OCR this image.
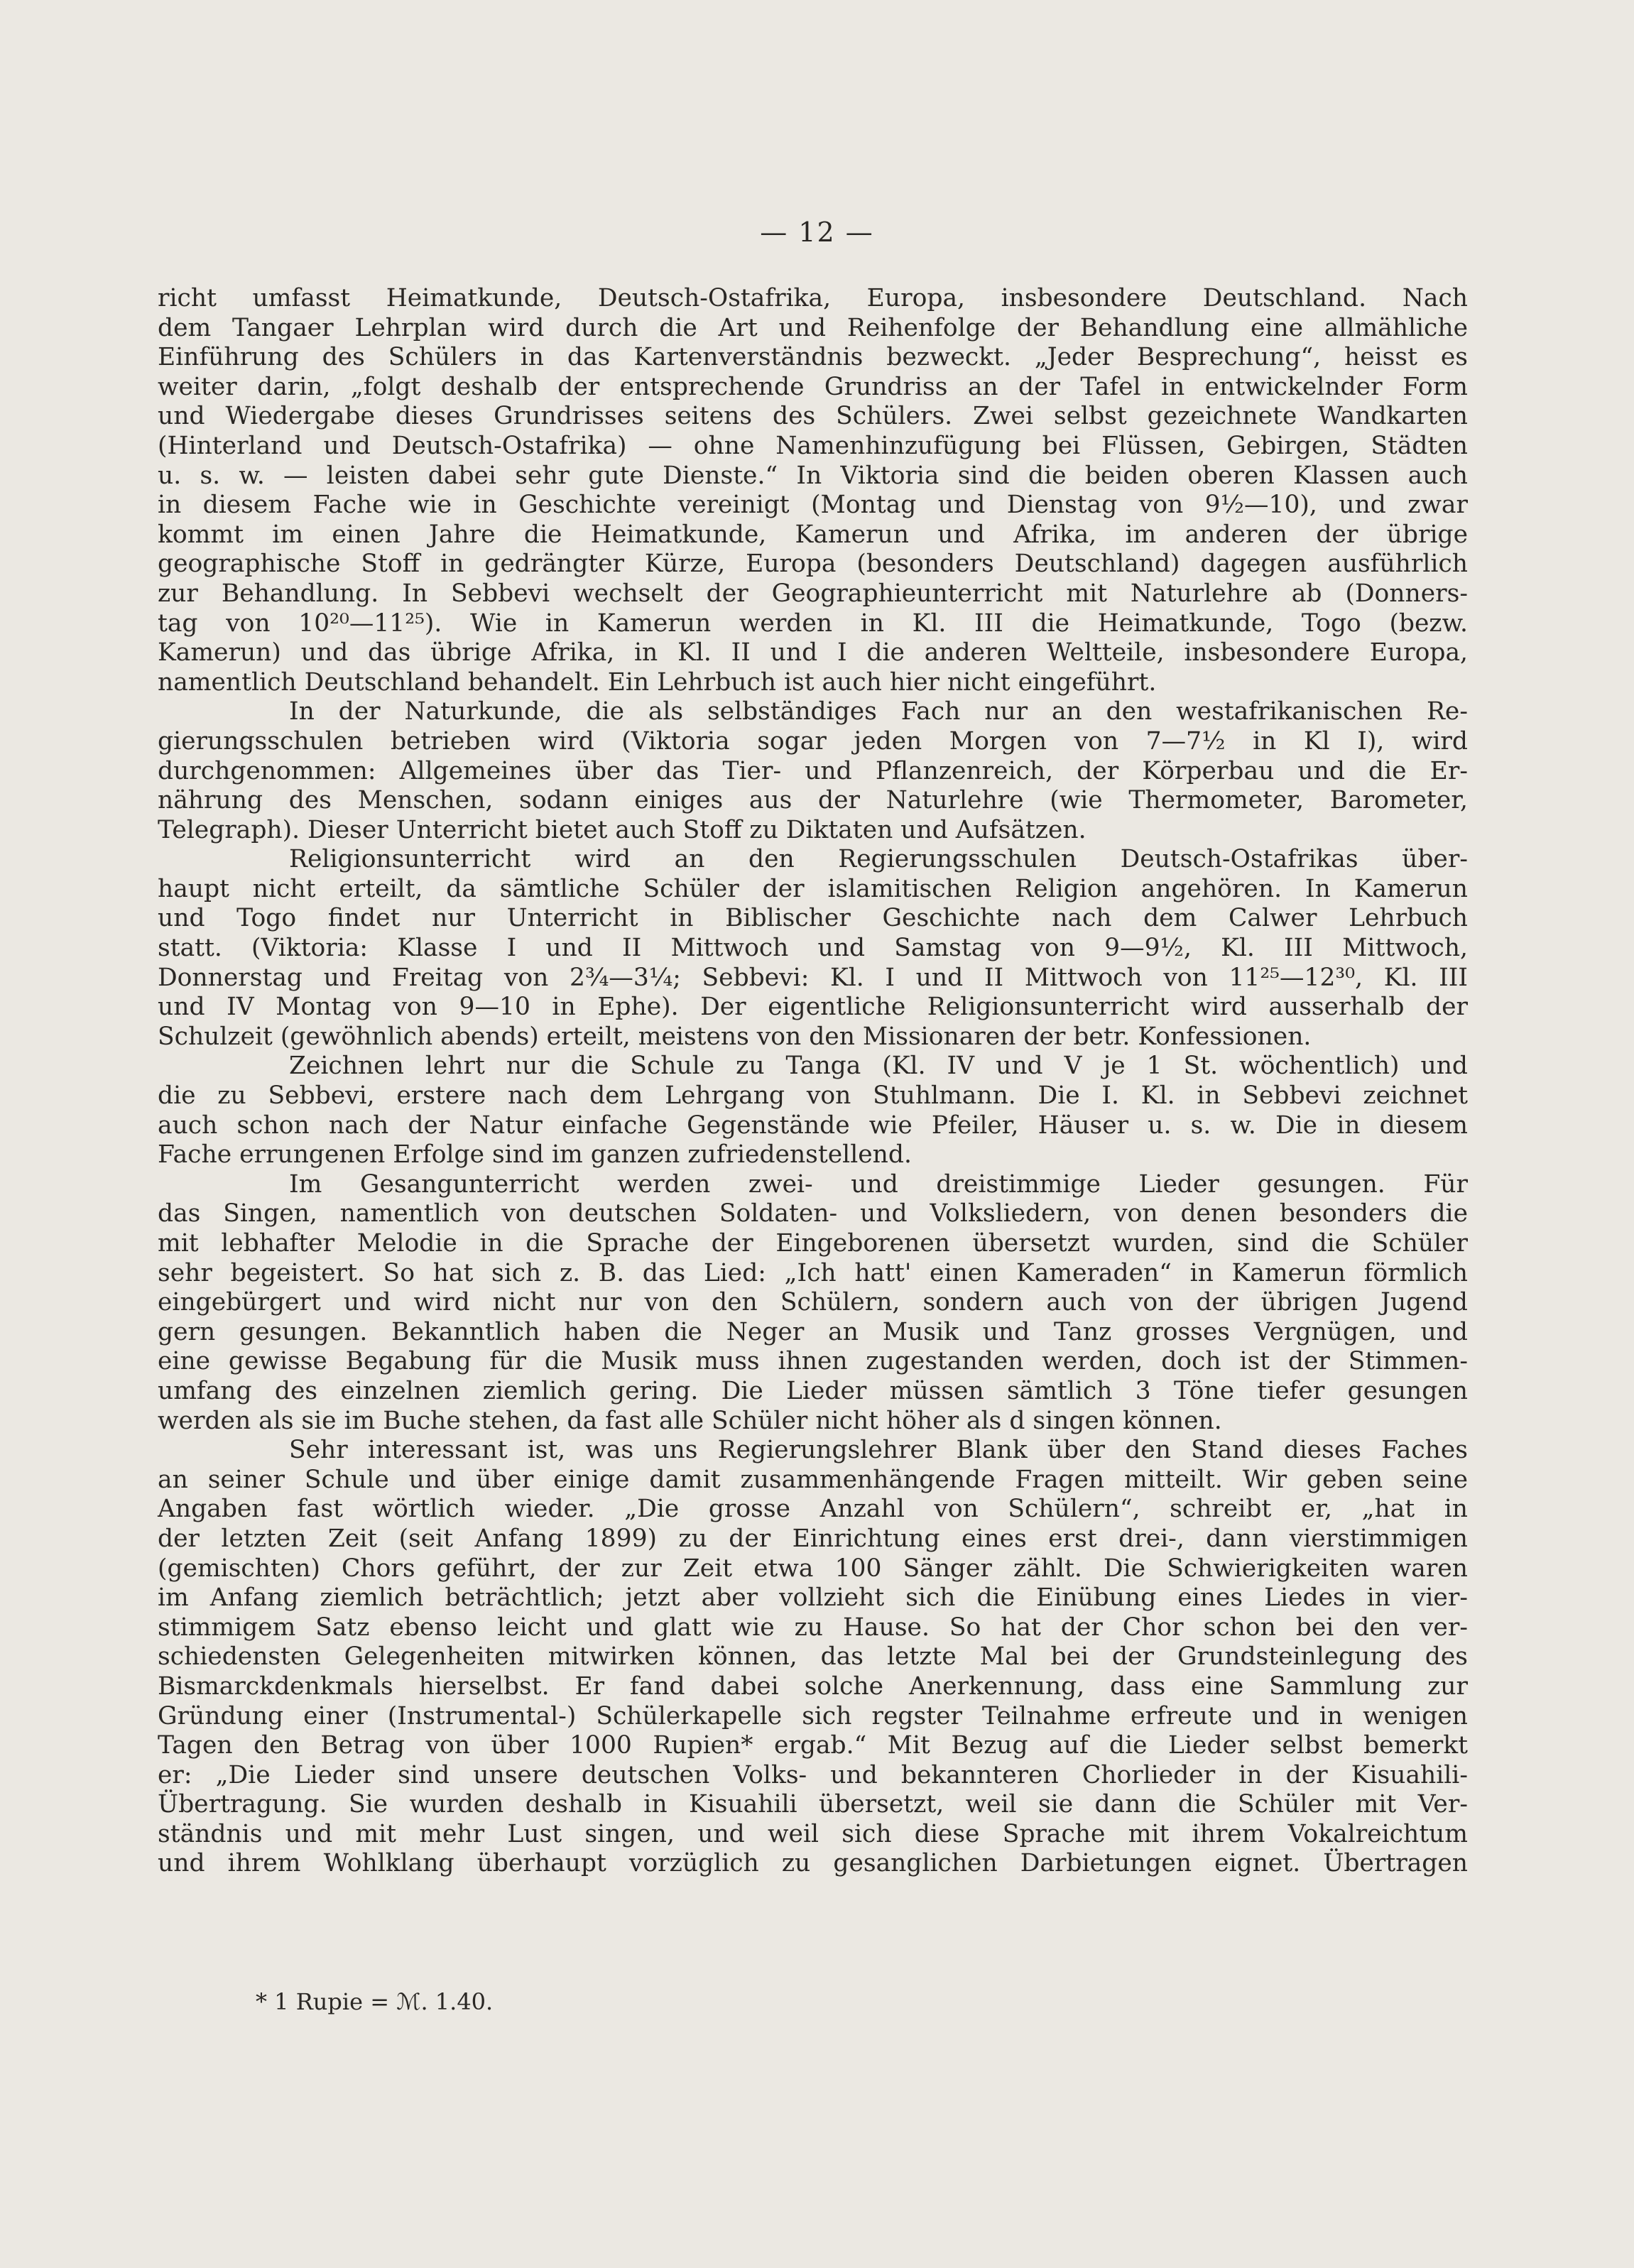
— 12 —
richt umfasst Heimatkunde, Deutsch-Ostafrika, Europa, insbesondere Deutschland. Nach
dem Tangaer Lehrplan wird durch die Art und Reihenfolge der Behandlung eine allmähliche
Einführung des Schülers in das Kartenverständnis bezweckt. „Jeder Besprechung“, heisst es
weiter darin, „folgt deshalb der entsprechende Grundriss an der Tafel in entwickelnder Form
und Wiedergabe dieses Grundrisses seitens des Schülers. Zwei selbst gezeichnete Wandkarten
(Hinterland und Deutsch-Ostafrika) — ohne Namenhinzufügung bei Flüssen, Gebirgen, Städten
u. s. w. — leisten dabei sehr gute Dienste.“ In Viktoria sind die beiden oberen Klassen auch
in diesem Fache wie in Geschichte vereinigt (Montag und Dienstag von 9½—10), und zwar
kommt im einen Jahre die Heimatkunde, Kamerun und Afrika, im anderen der übrige
geographische Stoff in gedrängter Kürze, Europa (besonders Deutschland) dagegen ausführlich
zur Behandlung. In Sebbevi wechselt der Geographieunterricht mit Naturlehre ab (Donners-
tag von 10²⁰—11²⁵). Wie in Kamerun werden in Kl. III die Heimatkunde, Togo (bezw.
Kamerun) und das übrige Afrika, in Kl. II und I die anderen Weltteile, insbesondere Europa,
namentlich Deutschland behandelt. Ein Lehrbuch ist auch hier nicht eingeführt.
In der Naturkunde, die als selbständiges Fach nur an den westafrikanischen Re-
gierungsschulen betrieben wird (Viktoria sogar jeden Morgen von 7—7½ in Kl I), wird
durchgenommen: Allgemeines über das Tier- und Pflanzenreich, der Körperbau und die Er-
nährung des Menschen, sodann einiges aus der Naturlehre (wie Thermometer, Barometer,
Telegraph). Dieser Unterricht bietet auch Stoff zu Diktaten und Aufsätzen.
Religionsunterricht wird an den Regierungsschulen Deutsch-Ostafrikas über-
haupt nicht erteilt, da sämtliche Schüler der islamitischen Religion angehören. In Kamerun
und Togo findet nur Unterricht in Biblischer Geschichte nach dem Calwer Lehrbuch
statt. (Viktoria: Klasse I und II Mittwoch und Samstag von 9—9½, Kl. III Mittwoch,
Donnerstag und Freitag von 2¾—3¼; Sebbevi: Kl. I und II Mittwoch von 11²⁵—12³⁰, Kl. III
und IV Montag von 9—10 in Ephe). Der eigentliche Religionsunterricht wird ausserhalb der
Schulzeit (gewöhnlich abends) erteilt, meistens von den Missionaren der betr. Konfessionen.
Zeichnen lehrt nur die Schule zu Tanga (Kl. IV und V je 1 St. wöchentlich) und
die zu Sebbevi, erstere nach dem Lehrgang von Stuhlmann. Die I. Kl. in Sebbevi zeichnet
auch schon nach der Natur einfache Gegenstände wie Pfeiler, Häuser u. s. w. Die in diesem
Fache errungenen Erfolge sind im ganzen zufriedenstellend.
Im Gesangunterricht werden zwei- und dreistimmige Lieder gesungen. Für
das Singen, namentlich von deutschen Soldaten- und Volksliedern, von denen besonders die
mit lebhafter Melodie in die Sprache der Eingeborenen übersetzt wurden, sind die Schüler
sehr begeistert. So hat sich z. B. das Lied: „Ich hatt' einen Kameraden“ in Kamerun förmlich
eingebürgert und wird nicht nur von den Schülern, sondern auch von der übrigen Jugend
gern gesungen. Bekanntlich haben die Neger an Musik und Tanz grosses Vergnügen, und
eine gewisse Begabung für die Musik muss ihnen zugestanden werden, doch ist der Stimmen-
umfang des einzelnen ziemlich gering. Die Lieder müssen sämtlich 3 Töne tiefer gesungen
werden als sie im Buche stehen, da fast alle Schüler nicht höher als d singen können.
Sehr interessant ist, was uns Regierungslehrer Blank über den Stand dieses Faches
an seiner Schule und über einige damit zusammenhängende Fragen mitteilt. Wir geben seine
Angaben fast wörtlich wieder. „Die grosse Anzahl von Schülern“, schreibt er, „hat in
der letzten Zeit (seit Anfang 1899) zu der Einrichtung eines erst drei-, dann vierstimmigen
(gemischten) Chors geführt, der zur Zeit etwa 100 Sänger zählt. Die Schwierigkeiten waren
im Anfang ziemlich beträchtlich; jetzt aber vollzieht sich die Einübung eines Liedes in vier-
stimmigem Satz ebenso leicht und glatt wie zu Hause. So hat der Chor schon bei den ver-
schiedensten Gelegenheiten mitwirken können, das letzte Mal bei der Grundsteinlegung des
Bismarckdenkmals hierselbst. Er fand dabei solche Anerkennung, dass eine Sammlung zur
Gründung einer (Instrumental-) Schülerkapelle sich regster Teilnahme erfreute und in wenigen
Tagen den Betrag von über 1000 Rupien* ergab.“ Mit Bezug auf die Lieder selbst bemerkt
er: „Die Lieder sind unsere deutschen Volks- und bekannteren Chorlieder in der Kisuahili-
Übertragung. Sie wurden deshalb in Kisuahili übersetzt, weil sie dann die Schüler mit Ver-
ständnis und mit mehr Lust singen, und weil sich diese Sprache mit ihrem Vokalreichtum
und ihrem Wohlklang überhaupt vorzüglich zu gesanglichen Darbietungen eignet. Übertragen
* 1 Rupie = ℳ. 1.40.
